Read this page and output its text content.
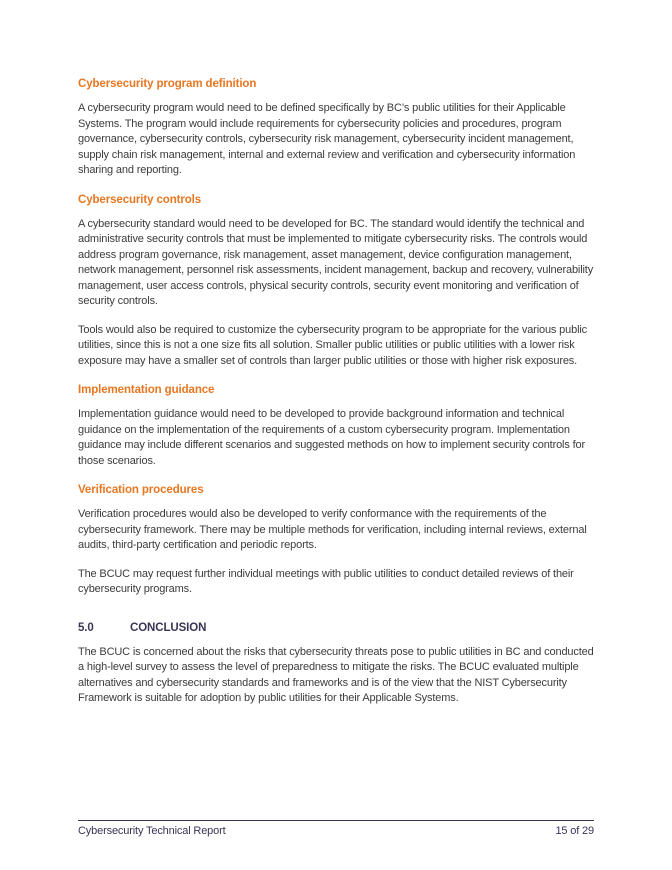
Cybersecurity program definition

A cybersecurity program would need to be defined specifically by BC’s public utilities for their Applicable Systems. The program would include requirements for cybersecurity policies and procedures, program governance, cybersecurity controls, cybersecurity risk management, cybersecurity incident management, supply chain risk management, internal and external review and verification and cybersecurity information sharing and reporting.

Cybersecurity controls

A cybersecurity standard would need to be developed for BC. The standard would identify the technical and administrative security controls that must be implemented to mitigate cybersecurity risks. The controls would address program governance, risk management, asset management, device configuration management, network management, personnel risk assessments, incident management, backup and recovery, vulnerability management, user access controls, physical security controls, security event monitoring and verification of security controls.

Tools would also be required to customize the cybersecurity program to be appropriate for the various public utilities, since this is not a one size fits all solution. Smaller public utilities or public utilities with a lower risk exposure may have a smaller set of controls than larger public utilities or those with higher risk exposures.

Implementation guidance

Implementation guidance would need to be developed to provide background information and technical guidance on the implementation of the requirements of a custom cybersecurity program. Implementation guidance may include different scenarios and suggested methods on how to implement security controls for those scenarios.

Verification procedures

Verification procedures would also be developed to verify conformance with the requirements of the cybersecurity framework. There may be multiple methods for verification, including internal reviews, external audits, third-party certification and periodic reports.

The BCUC may request further individual meetings with public utilities to conduct detailed reviews of their cybersecurity programs.

5.0	CONCLUSION

The BCUC is concerned about the risks that cybersecurity threats pose to public utilities in BC and conducted a high-level survey to assess the level of preparedness to mitigate the risks. The BCUC evaluated multiple alternatives and cybersecurity standards and frameworks and is of the view that the NIST Cybersecurity Framework is suitable for adoption by public utilities for their Applicable Systems.

Cybersecurity Technical Report	15 of 29
